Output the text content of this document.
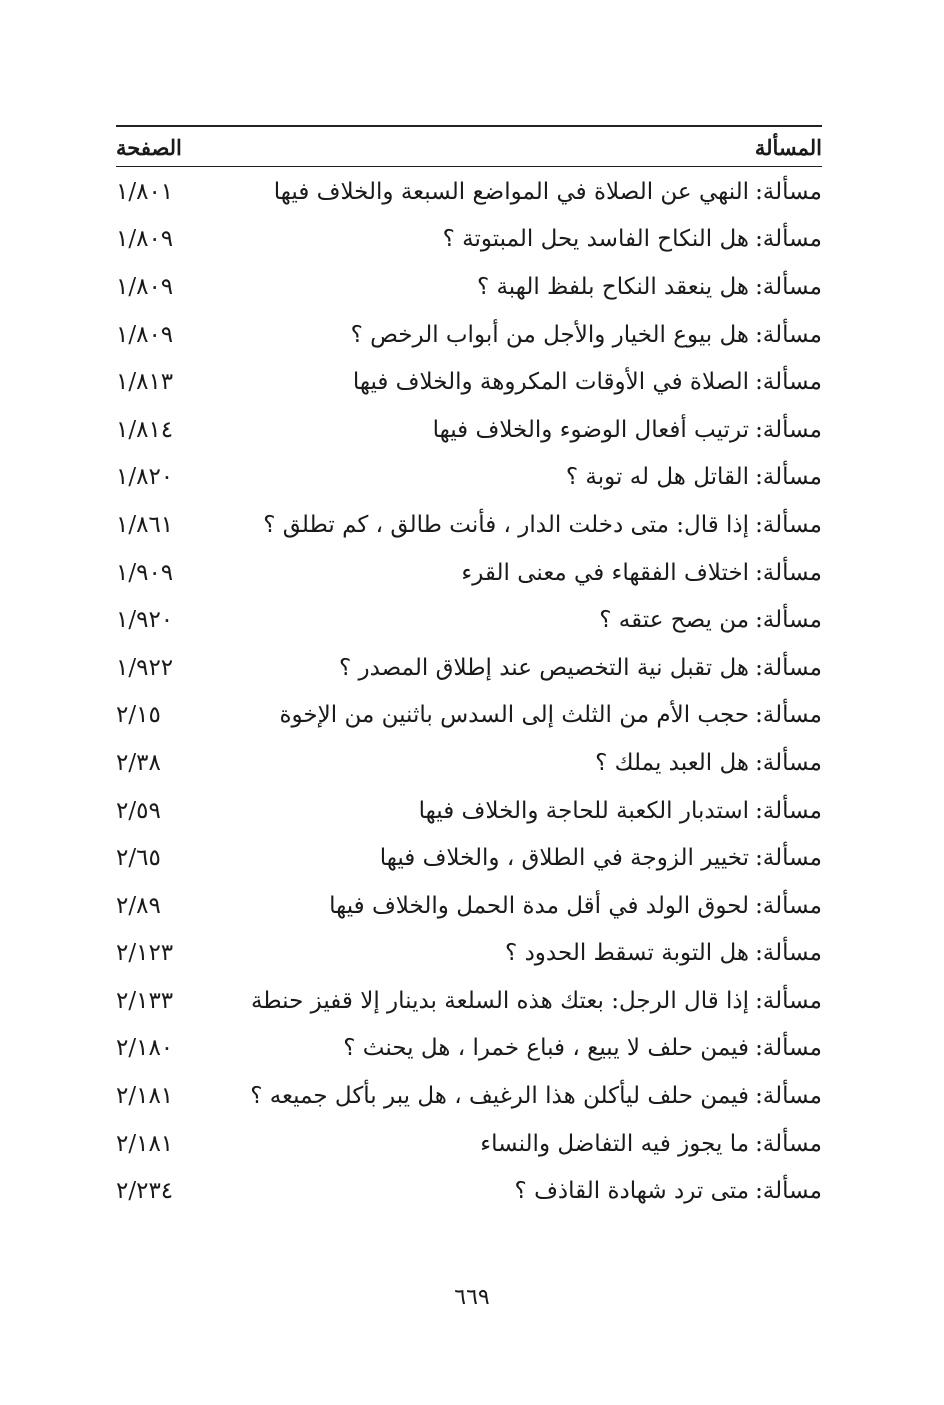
المسألة
الصفحة
مسألة:
النهي عن الصلاة في المواضع السبعة والخلاف فيها
١/٨٠١
مسألة:
هل النكاح الفاسد يحل المبتوتة ؟
١/٨٠٩
مسألة:
هل ينعقد النكاح بلفظ الهبة ؟
١/٨٠٩
مسألة:
هل بيوع الخيار والأجل من أبواب الرخص ؟
١/٨٠٩
مسألة:
الصلاة في الأوقات المكروهة والخلاف فيها
١/٨١٣
مسألة:
ترتيب أفعال الوضوء والخلاف فيها
١/٨١٤
مسألة:
القاتل هل له توبة ؟
١/٨٢٠
مسألة:
إذا قال: متى دخلت الدار ، فأنت طالق ، كم تطلق ؟
١/٨٦١
مسألة:
اختلاف الفقهاء في معنى القرء
١/٩٠٩
مسألة:
من يصح عتقه ؟
١/٩٢٠
مسألة:
هل تقبل نية التخصيص عند إطلاق المصدر ؟
١/٩٢٢
مسألة:
حجب الأم من الثلث إلى السدس باثنين من الإخوة
٢/١٥
مسألة:
هل العبد يملك ؟
٢/٣٨
مسألة:
استدبار الكعبة للحاجة والخلاف فيها
٢/٥٩
مسألة:
تخيير الزوجة في الطلاق ، والخلاف فيها
٢/٦٥
مسألة:
لحوق الولد في أقل مدة الحمل والخلاف فيها
٢/٨٩
مسألة:
هل التوبة تسقط الحدود ؟
٢/١٢٣
مسألة:
إذا قال الرجل: بعتك هذه السلعة بدينار إلا قفيز حنطة
٢/١٣٣
مسألة:
فيمن حلف لا يبيع ، فباع خمرا ، هل يحنث ؟
٢/١٨٠
مسألة:
فيمن حلف ليأكلن هذا الرغيف ، هل يبر بأكل جميعه ؟
٢/١٨١
مسألة:
ما يجوز فيه التفاضل والنساء
٢/١٨١
مسألة:
متى ترد شهادة القاذف ؟
٢/٢٣٤
٦٦٩
